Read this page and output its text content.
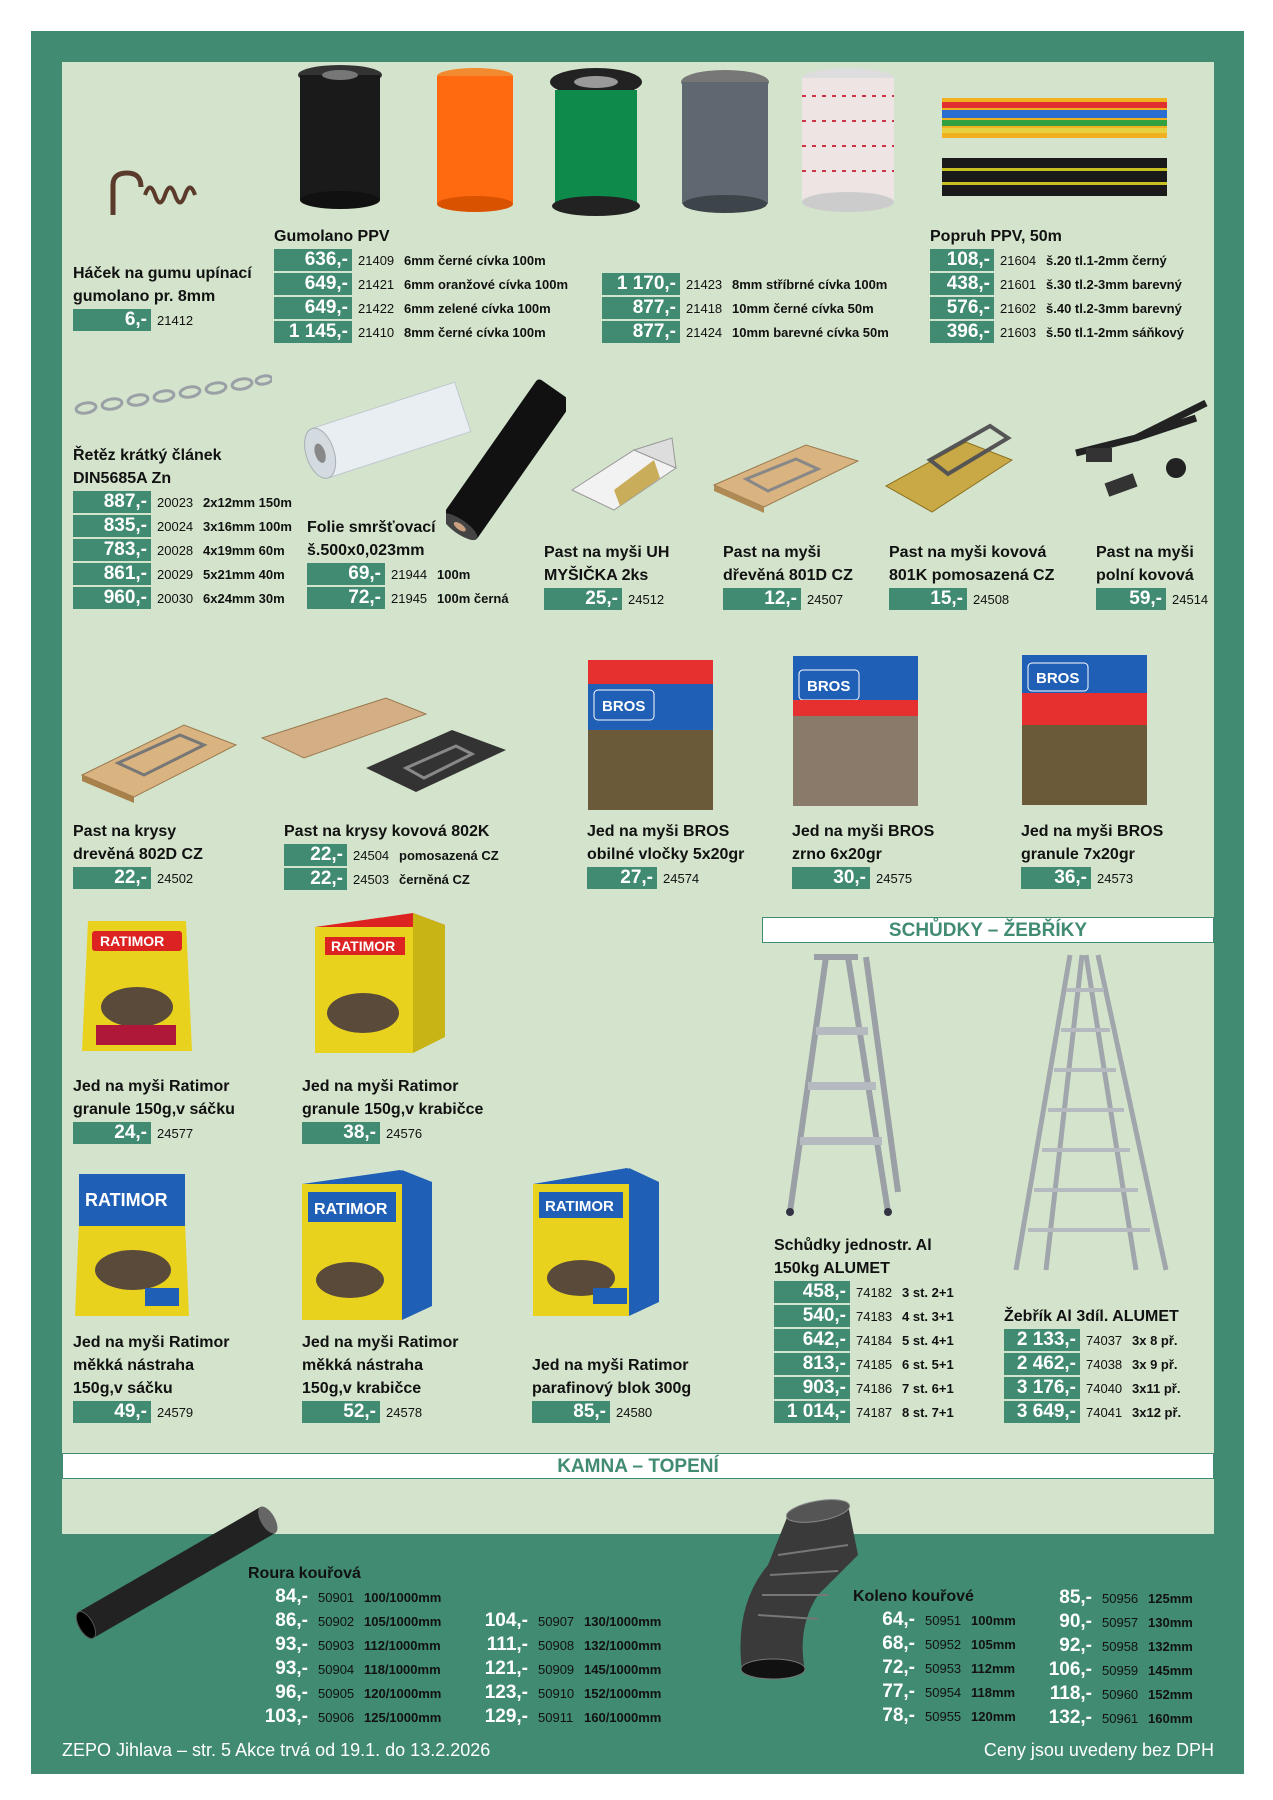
BROS
BROS	BROS
RATIMOR	RATIMOR
RATIMOR	RATIMOR	RATIMOR
Háček na gumu upínací
gumolano pr. 8mm
6,- 21412
Gumolano PPV
636,- 21409 6mm černé cívka 100m
649,- 21421 6mm oranžové cívka 100m
649,- 21422 6mm zelené cívka 100m
1 145,- 21410 8mm černé cívka 100m
1 170,- 21423 8mm stříbrné cívka 100m
877,- 21418 10mm černé cívka 50m
877,- 21424 10mm barevné cívka 50m
Popruh PPV, 50m
108,- 21604 š.20 tl.1-2mm černý
438,- 21601 š.30 tl.2-3mm barevný
576,- 21602 š.40 tl.2-3mm barevný
396,- 21603 š.50 tl.1-2mm sáňkový
Řetěz krátký článek
DIN5685A Zn
887,- 20023 2x12mm 150m
835,- 20024 3x16mm 100m
783,- 20028 4x19mm 60m
861,- 20029 5x21mm 40m
960,- 20030 6x24mm 30m
Folie smršťovací
š.500x0,023mm
69,- 21944 100m
72,- 21945 100m černá
Past na myši UH
MYŠIČKA 2ks
25,- 24512
Past na myši
dřevěná 801D CZ
12,- 24507
Past na myši kovová
801K pomosazená CZ
15,- 24508
Past na myši
polní kovová
59,- 24514
Past na krysy
drevěná 802D CZ
22,- 24502
Past na krysy kovová 802K
22,- 24504 pomosazená CZ
22,- 24503 černěná CZ
Jed na myši BROS
obilné vločky 5x20gr
27,- 24574
Jed na myši BROS
zrno 6x20gr
30,- 24575
Jed na myši BROS
granule 7x20gr
36,- 24573
SCHŮDKY – ŽEBŘÍKY
Jed na myši Ratimor
granule 150g,v sáčku
24,- 24577
Jed na myši Ratimor
granule 150g,v krabičce
38,- 24576
Jed na myši Ratimor
měkká nástraha
150g,v sáčku
49,- 24579
Jed na myši Ratimor
měkká nástraha
150g,v krabičce
52,- 24578
Jed na myši Ratimor
parafinový blok 300g
85,- 24580
Schůdky jednostr. Al
150kg ALUMET
458,- 74182 3 st. 2+1
540,- 74183 4 st. 3+1
642,- 74184 5 st. 4+1
813,- 74185 6 st. 5+1
903,- 74186 7 st. 6+1
1 014,- 74187 8 st. 7+1
Žebřík Al 3díl. ALUMET
2 133,- 74037 3x 8 př.
2 462,- 74038 3x 9 př.
3 176,- 74040 3x11 př.
3 649,- 74041 3x12 př.
KAMNA – TOPENÍ
Roura kouřová
84,- 50901 100/1000mm
86,- 50902 105/1000mm
93,- 50903 112/1000mm
93,- 50904 118/1000mm
96,- 50905 120/1000mm
103,- 50906 125/1000mm
104,- 50907 130/1000mm
111,- 50908 132/1000mm
121,- 50909 145/1000mm
123,- 50910 152/1000mm
129,- 50911 160/1000mm
Koleno kouřové
64,- 50951 100mm
68,- 50952 105mm
72,- 50953 112mm
77,- 50954 118mm
78,- 50955 120mm
85,- 50956 125mm
90,- 50957 130mm
92,- 50958 132mm
106,- 50959 145mm
118,- 50960 152mm
132,- 50961 160mm
ZEPO Jihlava – str. 5 Akce trvá od 19.1. do 13.2.2026	Ceny jsou uvedeny bez DPH
